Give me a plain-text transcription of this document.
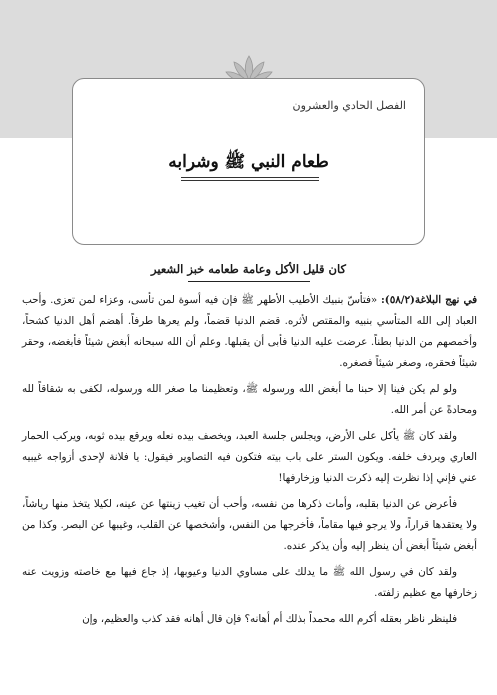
الفصل الحادي والعشرون
طعام النبي ﷺ وشرابه
كان قليل الأكل وعامة طعامه خبز الشعير

في نهج البلاغة(٥٨/٢): «فتأسّ بنبيك الأطيب الأطهر ﷺ فإن فيه أسوة لمن تأسى، وعزاء لمن تعزى. وأحب العباد إلى الله المتأسي بنبيه والمقتص لأثره. قضم الدنيا قضماً، ولم يعرها طرفاً. أهضم أهل الدنيا كشحاً، وأخمصهم من الدنيا بطناً. عرضت عليه الدنيا فأبى أن يقبلها. وعلم أن الله سبحانه أبغض شيئاً فأبغضه، وحقر شيئاً فحقره، وصغر شيئاً فصغره.

ولو لم يكن فينا إلا حبنا ما أبغض الله ورسوله ﷺ، وتعظيمنا ما صغر الله ورسوله، لكفى به شقاقاً لله ومحادةً عن أمر الله.

ولقد كان ﷺ يأكل على الأرض، ويجلس جلسة العبد، ويخصف بيده نعله ويرقع بيده ثوبه، ويركب الحمار العاري ويردف خلفه. ويكون الستر على باب بيته فتكون فيه التصاوير فيقول: يا فلانة لإحدى أزواجه غيبيه عني فإني إذا نظرت إليه ذكرت الدنيا وزخارفها!

فأعرض عن الدنيا بقلبه، وأمات ذكرها من نفسه، وأحب أن تغيب زينتها عن عينه، لكيلا يتخذ منها رياشاً، ولا يعتقدها قراراً، ولا يرجو فيها مقاماً، فأخرجها من النفس، وأشخصها عن القلب، وغيبها عن البصر. وكذا من أبغض شيئاً أبغض أن ينظر إليه وأن يذكر عنده.

ولقد كان في رسول الله ﷺ ما يدلك على مساوي الدنيا وعيوبها، إذ جاع فيها مع خاصته وزويت عنه زخارفها مع عظيم زلفته.

فلينظر ناظر بعقله أكرم الله محمداً بذلك أم أهانه؟ فإن قال أهانه فقد كذب والعظيم، وإن
